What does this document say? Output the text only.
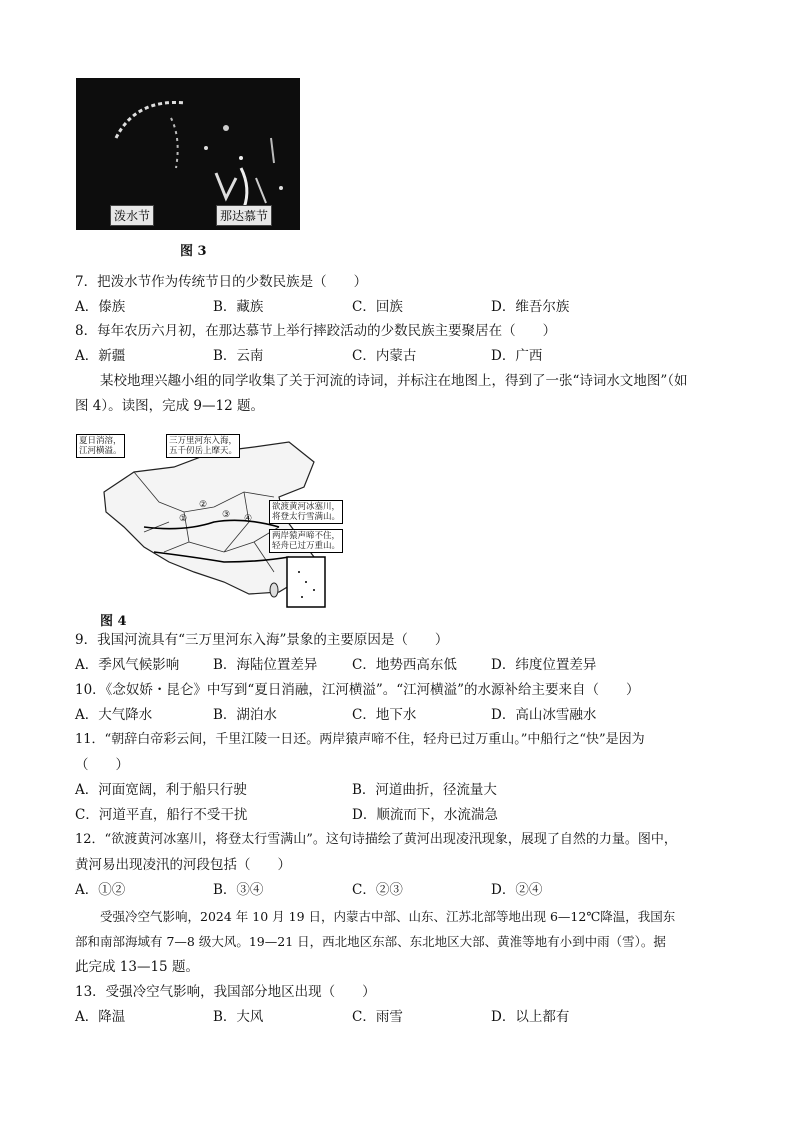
泼水节	那达慕节
图 3
7．把泼水节作为传统节日的少数民族是（　　）
A．傣族	B．藏族	C．回族	D．维吾尔族
8．每年农历六月初，在那达慕节上举行摔跤活动的少数民族主要聚居在（　　）
A．新疆	B．云南	C．内蒙古	D．广西
某校地理兴趣小组的同学收集了关于河流的诗词，并标注在地图上，得到了一张“诗词水文地图”（如
图 4）。读图，完成 9—12 题。
夏日消溶，
江河横溢。
三万里河东入海，
五千仞岳上摩天。
欲渡黄河冰塞川，
将登太行雪满山。
两岸猿声啼不住，
轻舟已过万重山。
①
②
③ ④
图 4
9．我国河流具有“三万里河东入海”景象的主要原因是（　　）
A．季风气候影响	B．海陆位置差异	C．地势西高东低	D．纬度位置差异
10．《念奴娇・昆仑》中写到“夏日消融，江河横溢”。“江河横溢”的水源补给主要来自（　　）
A．大气降水	B．湖泊水	C．地下水	D．高山冰雪融水
11．“朝辞白帝彩云间，千里江陵一日还。两岸猿声啼不住，轻舟已过万重山。”中船行之“快”是因为
（　　）
A．河面宽阔，利于船只行驶	B．河道曲折，径流量大
C．河道平直，船行不受干扰	D．顺流而下，水流湍急
12．“欲渡黄河冰塞川，将登太行雪满山”。这句诗描绘了黄河出现凌汛现象，展现了自然的力量。图中，
黄河易出现凌汛的河段包括（　　）
A．①②	B．③④	C．②③	D．②④
受强冷空气影响，2024 年 10 月 19 日，内蒙古中部、山东、江苏北部等地出现 6—12℃降温，我国东
部和南部海域有 7—8 级大风。19—21 日，西北地区东部、东北地区大部、黄淮等地有小到中雨（雪）。据
此完成 13—15 题。
13．受强冷空气影响，我国部分地区出现（　　）
A．降温	B．大风	C．雨雪	D．以上都有
